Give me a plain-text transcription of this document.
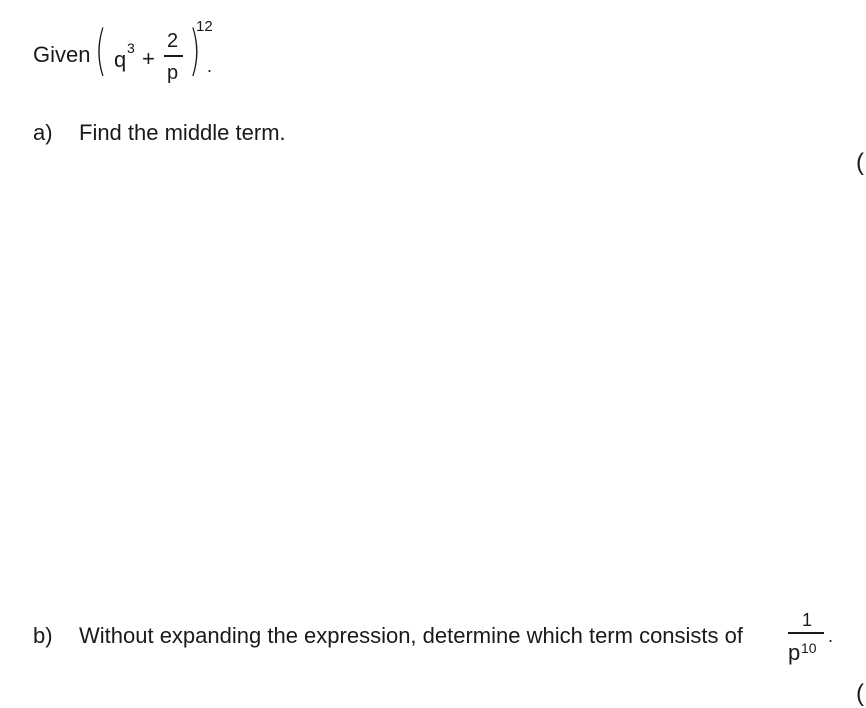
Given ( q 3 +
2
p )
12
.
a) Find the middle term.
(
b) Without expanding the expression, determine which term consists of
1
p 10
.
(
